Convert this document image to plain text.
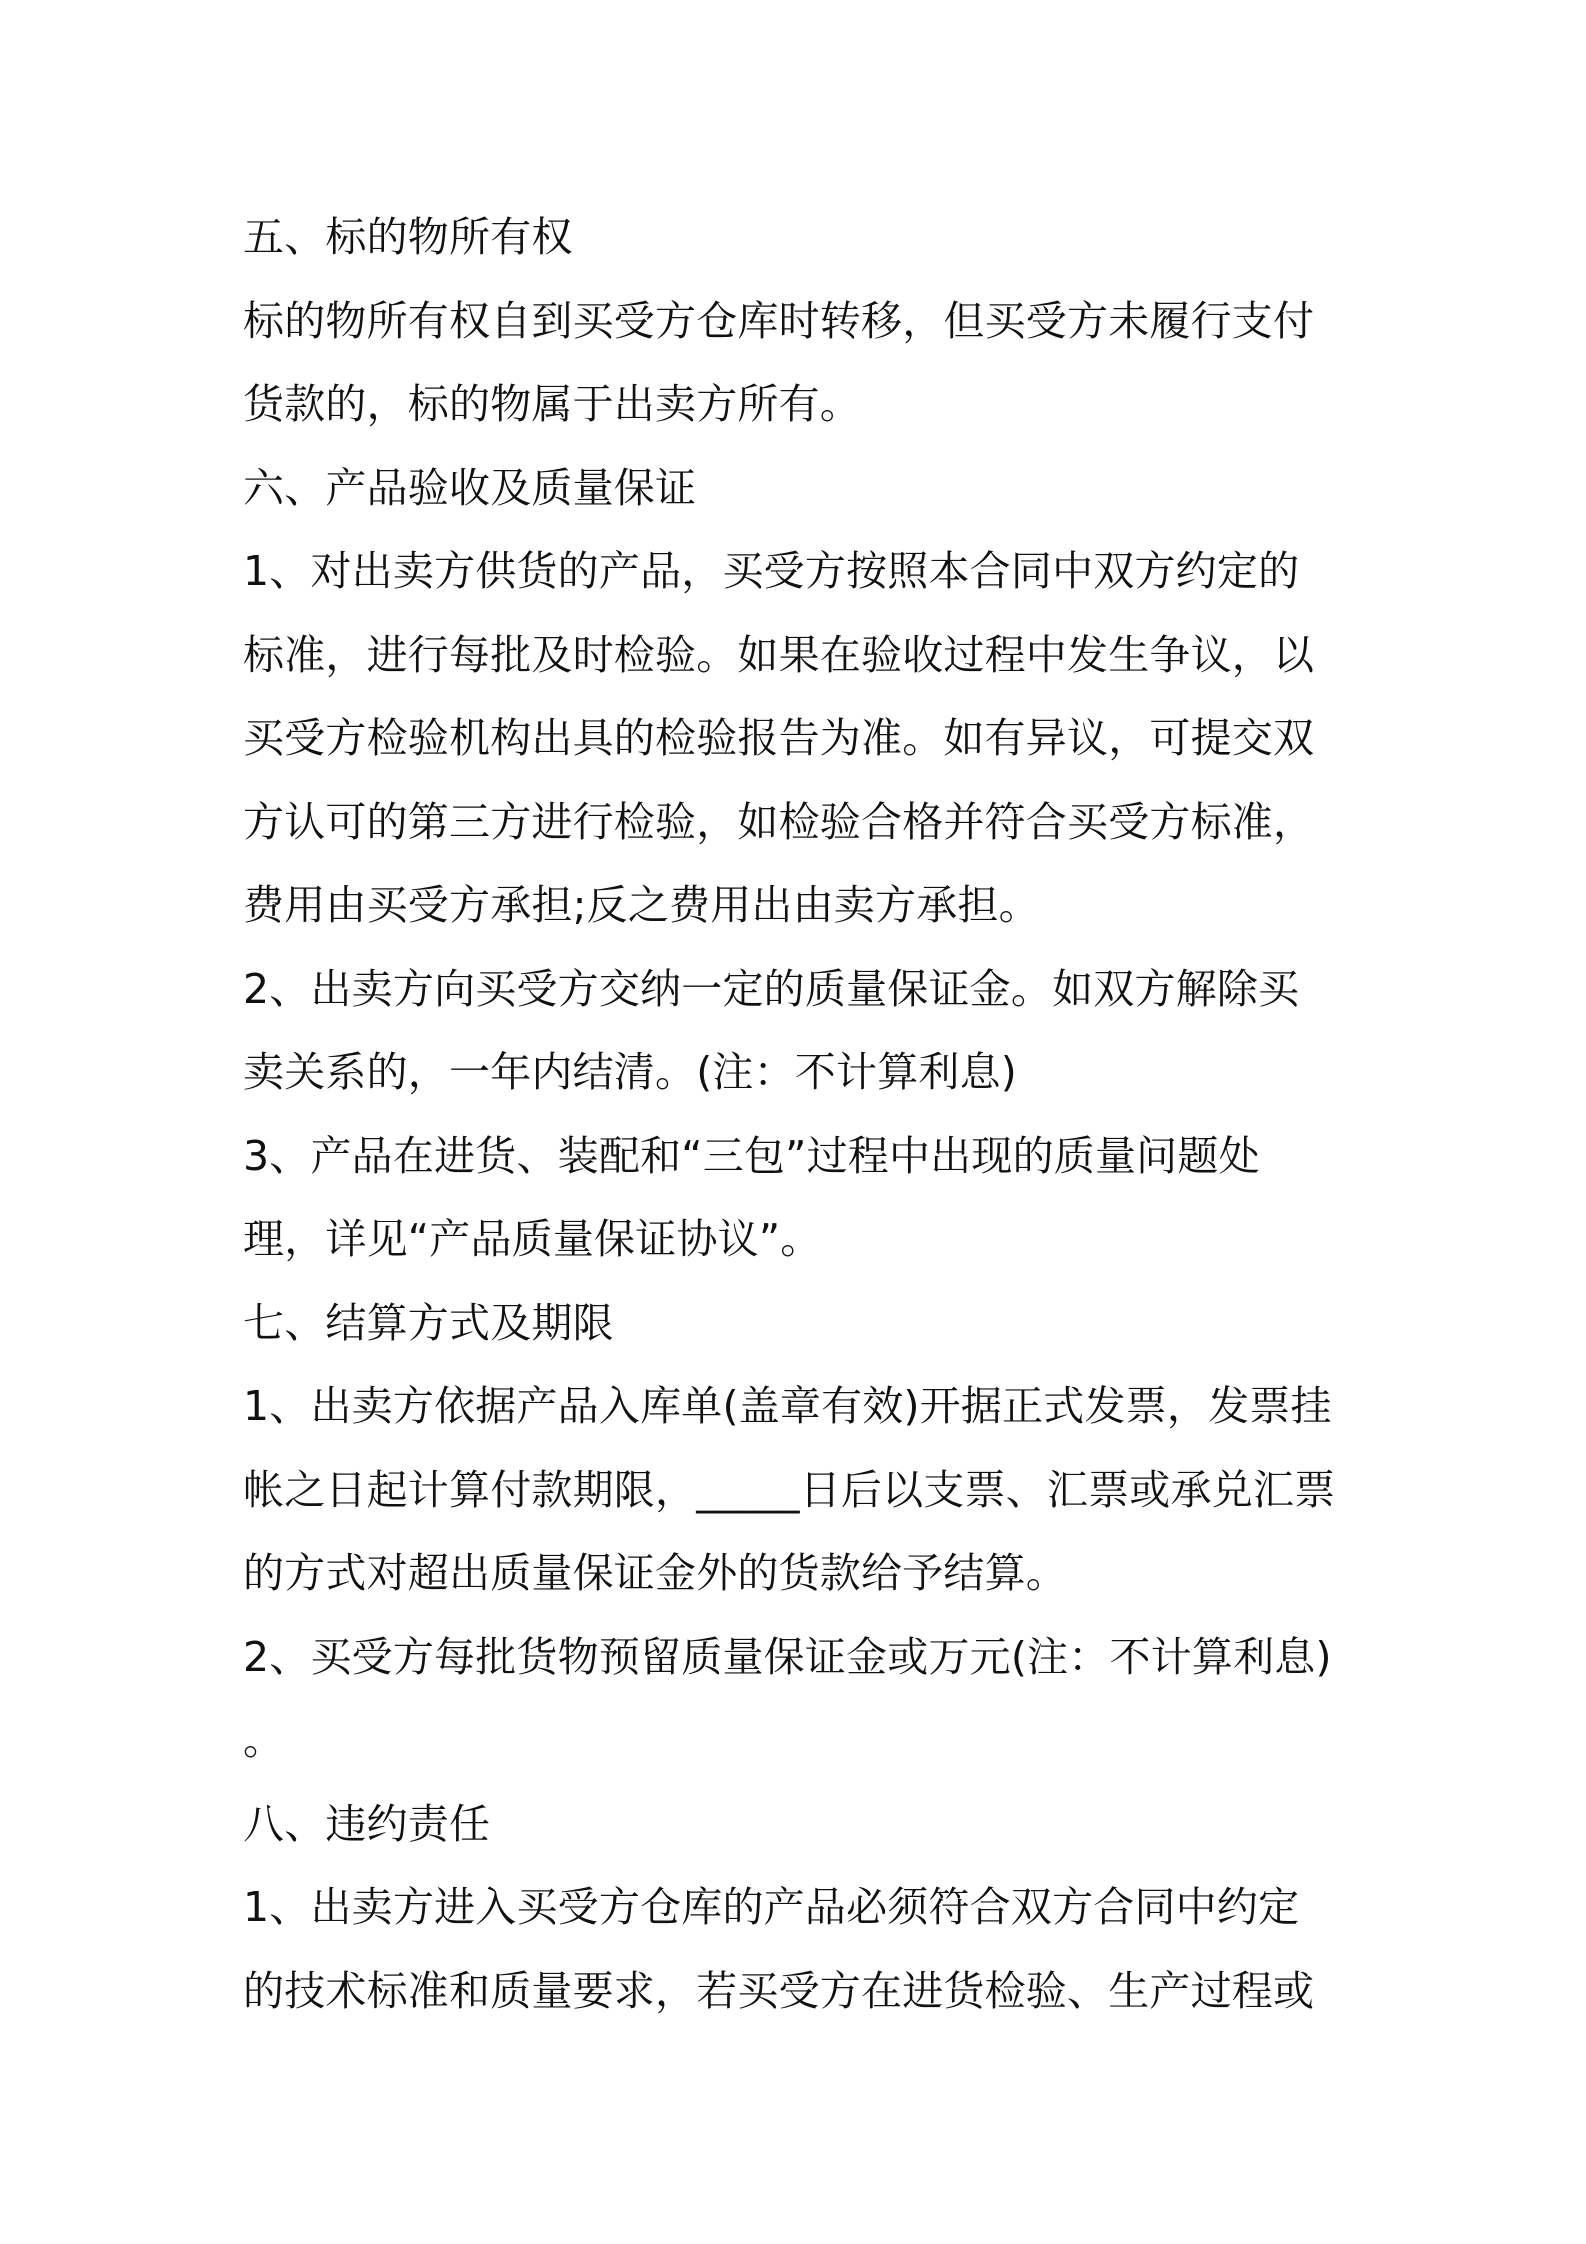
五、标的物所有权
标的物所有权自到买受方仓库时转移，但买受方未履行支付
货款的，标的物属于出卖方所有。
六、产品验收及质量保证
1、对出卖方供货的产品，买受方按照本合同中双方约定的
标准，进行每批及时检验。如果在验收过程中发生争议，以
买受方检验机构出具的检验报告为准。如有异议，可提交双
方认可的第三方进行检验，如检验合格并符合买受方标准，
费用由买受方承担;反之费用出由卖方承担。
2、出卖方向买受方交纳一定的质量保证金。如双方解除买
卖关系的，一年内结清。(注：不计算利息)
3、产品在进货、装配和“三包”过程中出现的质量问题处
理，详见“产品质量保证协议”。
七、结算方式及期限
1、出卖方依据产品入库单(盖章有效)开据正式发票，发票挂
帐之日起计算付款期限，_____日后以支票、汇票或承兑汇票
的方式对超出质量保证金外的货款给予结算。
2、买受方每批货物预留质量保证金或万元(注：不计算利息)
。
八、违约责任
1、出卖方进入买受方仓库的产品必须符合双方合同中约定
的技术标准和质量要求，若买受方在进货检验、生产过程或
